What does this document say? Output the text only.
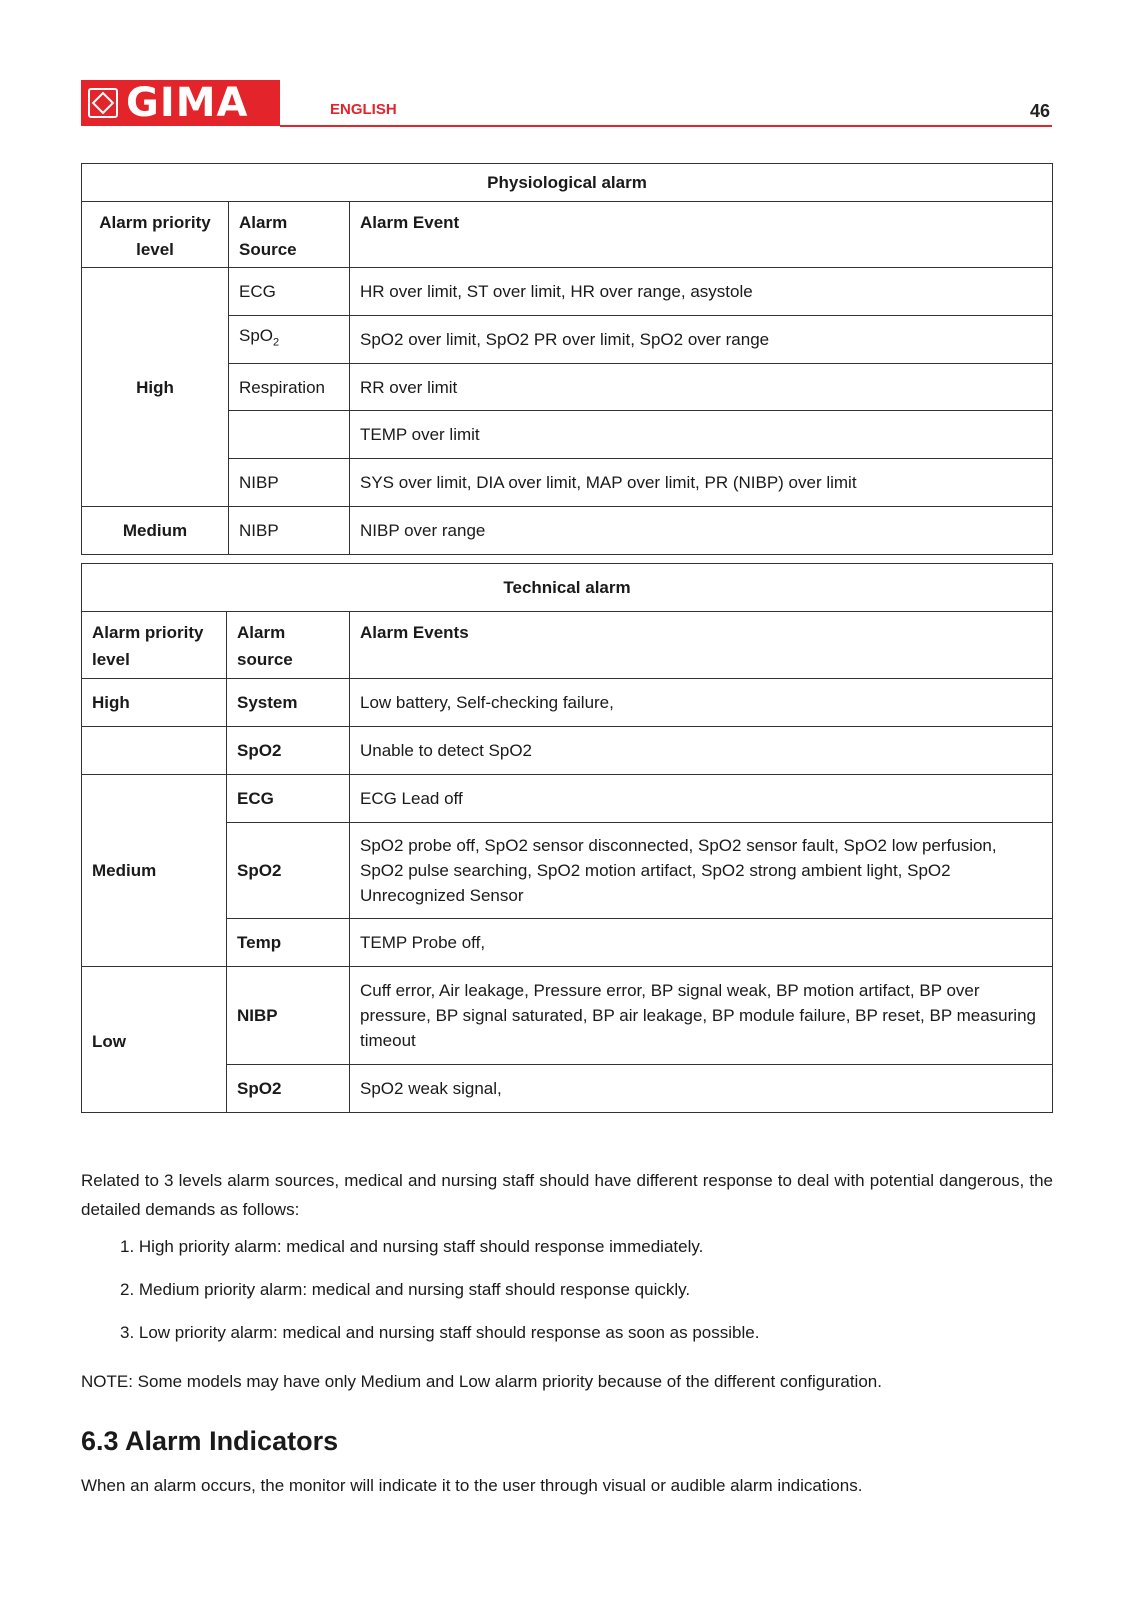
GIMA	ENGLISH	46
Physiological alarm		
Alarm priority level	Alarm Source	Alarm Event
High	ECG	HR over limit, ST over limit, HR over range, asystole
	SpO$_2$	SpO2 over limit, SpO2 PR over limit, SpO2 over range
	Respiration	RR over limit
		TEMP over limit
	NIBP	SYS over limit, DIA over limit, MAP over limit, PR (NIBP) over limit
Medium	NIBP	NIBP over range
Technical alarm		
Alarm priority level	Alarm source	Alarm Events
High	System	Low battery, Self-checking failure,
	SpO2	Unable to detect SpO2
Medium	ECG	ECG Lead off
	SpO2	SpO2 probe off, SpO2 sensor disconnected, SpO2 sensor fault, SpO2 low perfusion, SpO2 pulse searching, SpO2 motion artifact, SpO2 strong ambient light, SpO2 Unrecognized Sensor
	Temp	TEMP Probe off,
Low	NIBP	Cuff error, Air leakage, Pressure error, BP signal weak, BP motion artifact, BP over pressure, BP signal saturated, BP air leakage, BP module failure, BP reset, BP measuring timeout
	SpO2	SpO2 weak signal,

Related to 3 levels alarm sources, medical and nursing staff should have different response to deal with potential dangerous, the detailed demands as follows:

1. High priority alarm: medical and nursing staff should response immediately.
2. Medium priority alarm: medical and nursing staff should response quickly.
3. Low priority alarm: medical and nursing staff should response as soon as possible.

NOTE: Some models may have only Medium and Low alarm priority because of the different configuration.

6.3 Alarm Indicators

When an alarm occurs, the monitor will indicate it to the user through visual or audible alarm indications.
